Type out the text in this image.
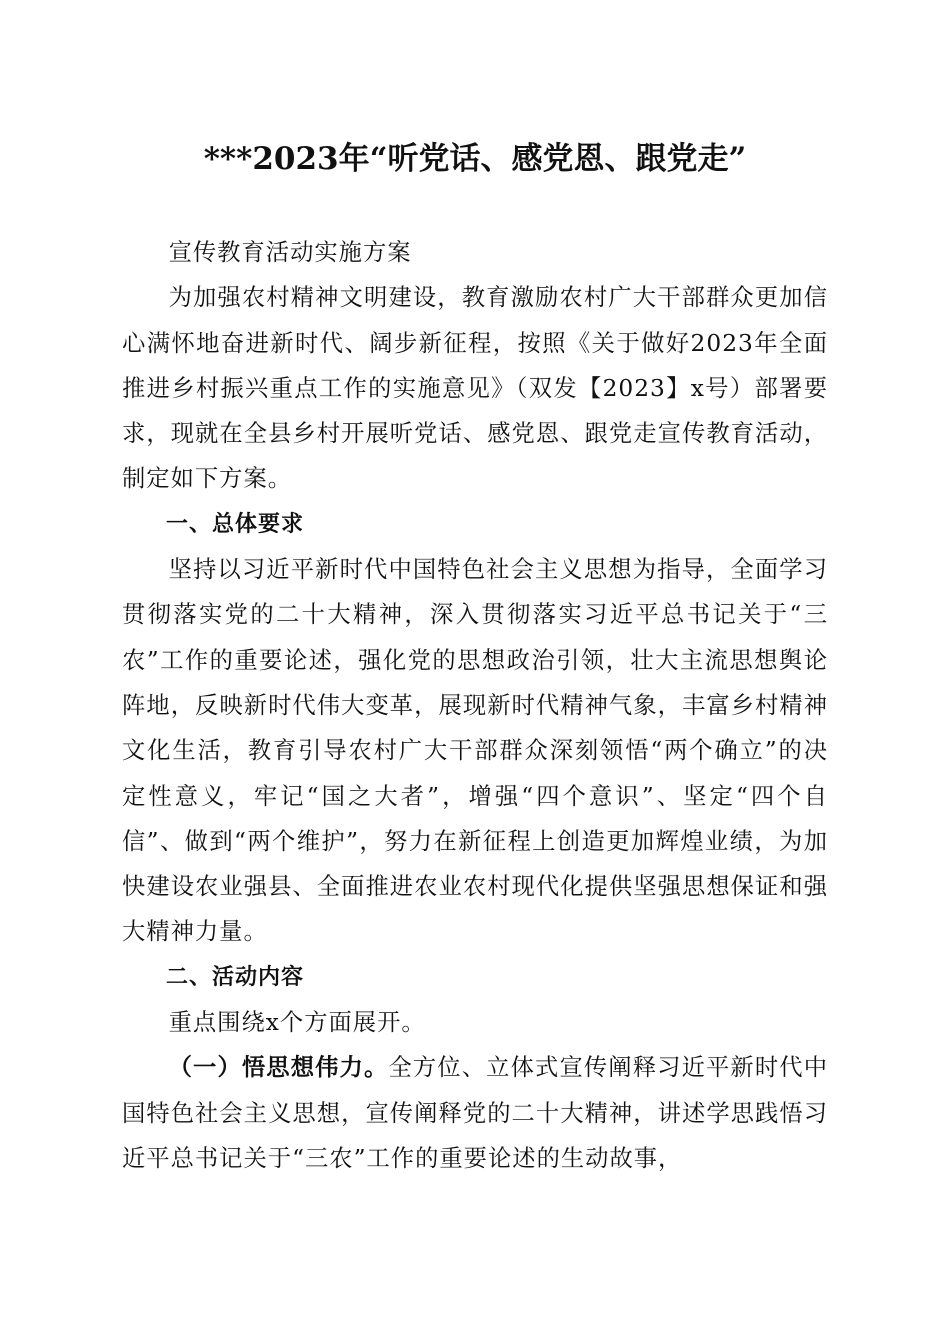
***2023年“听党话、感党恩、跟党走”

宣传教育活动实施方案

为加强农村精神文明建设，教育激励农村广大干部群众更加信心满怀地奋进新时代、阔步新征程，按照《关于做好2023年全面推进乡村振兴重点工作的实施意见》（双发【2023】x号）部署要求，现就在全县乡村开展听党话、感党恩、跟党走宣传教育活动，制定如下方案。

一、总体要求

坚持以习近平新时代中国特色社会主义思想为指导，全面学习贯彻落实党的二十大精神，深入贯彻落实习近平总书记关于“三农”工作的重要论述，强化党的思想政治引领，壮大主流思想舆论阵地，反映新时代伟大变革，展现新时代精神气象，丰富乡村精神文化生活，教育引导农村广大干部群众深刻领悟“两个确立”的决定性意义，牢记“国之大者”，增强“四个意识”、坚定“四个自信”、做到“两个维护”，努力在新征程上创造更加辉煌业绩，为加快建设农业强县、全面推进农业农村现代化提供坚强思想保证和强大精神力量。

二、活动内容

重点围绕x个方面展开。

（一）悟思想伟力。全方位、立体式宣传阐释习近平新时代中国特色社会主义思想，宣传阐释党的二十大精神，讲述学思践悟习近平总书记关于“三农”工作的重要论述的生动故事，
